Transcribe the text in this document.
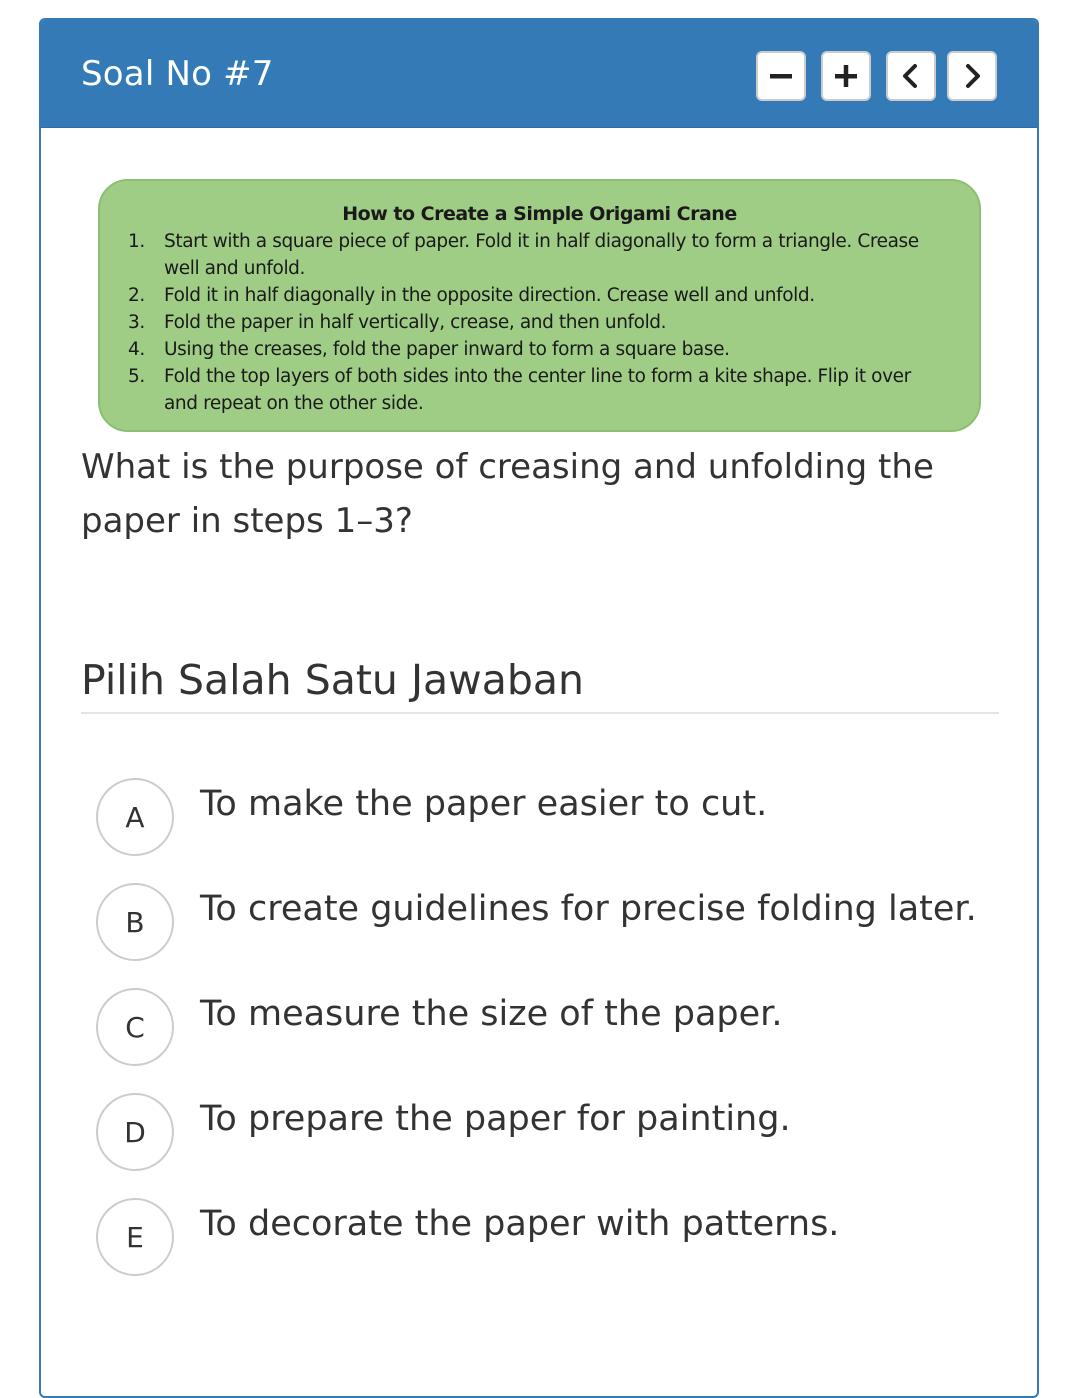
Soal No #7
How to Create a Simple Origami Crane
1. Start with a square piece of paper. Fold it in half diagonally to form a triangle. Crease well and unfold.
2. Fold it in half diagonally in the opposite direction. Crease well and unfold.
3. Fold the paper in half vertically, crease, and then unfold.
4. Using the creases, fold the paper inward to form a square base.
5. Fold the top layers of both sides into the center line to form a kite shape. Flip it over and repeat on the other side.
What is the purpose of creasing and unfolding the paper in steps 1–3?
Pilih Salah Satu Jawaban
A	To make the paper easier to cut.
B	To create guidelines for precise folding later.
C	To measure the size of the paper.
D	To prepare the paper for painting.
E	To decorate the paper with patterns.
